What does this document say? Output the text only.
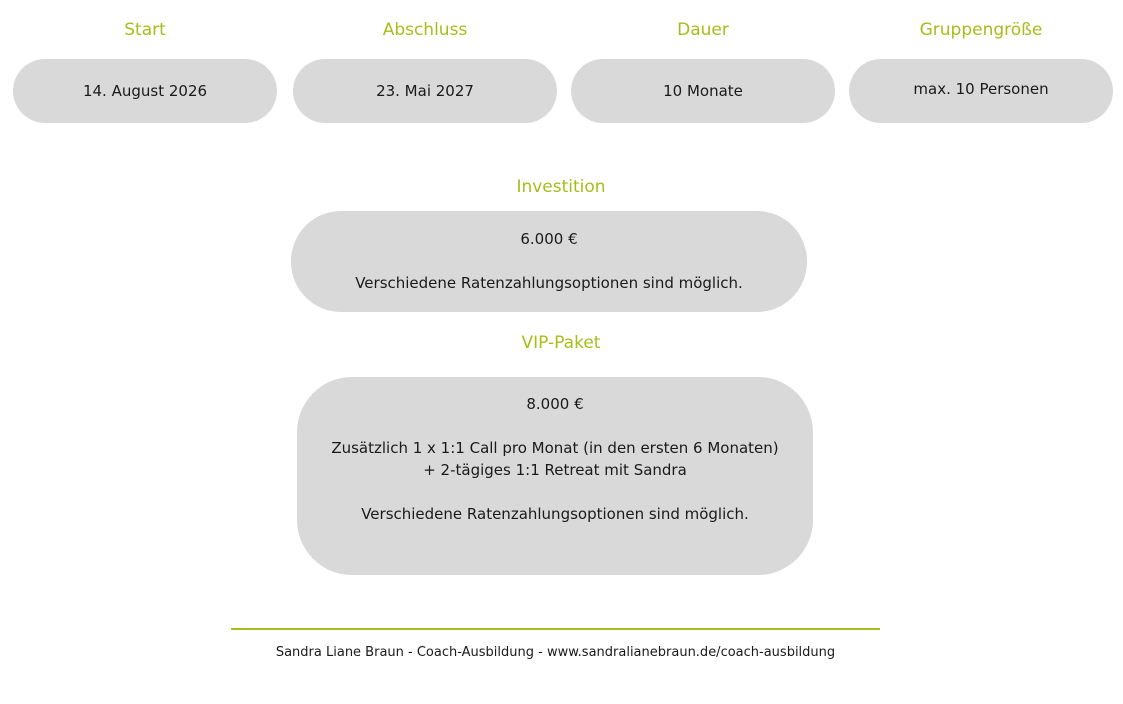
Start
14. August 2026
Abschluss
23. Mai 2027
Dauer
10 Monate
Gruppengröße
max. 10 Personen
Investition
6.000 €
Verschiedene Ratenzahlungsoptionen sind möglich.
VIP-Paket
8.000 €
Zusätzlich 1 x 1:1 Call pro Monat (in den ersten 6 Monaten)
+ 2-tägiges 1:1 Retreat mit Sandra
Verschiedene Ratenzahlungsoptionen sind möglich.
Sandra Liane Braun - Coach-Ausbildung - www.sandralianebraun.de/coach-ausbildung
